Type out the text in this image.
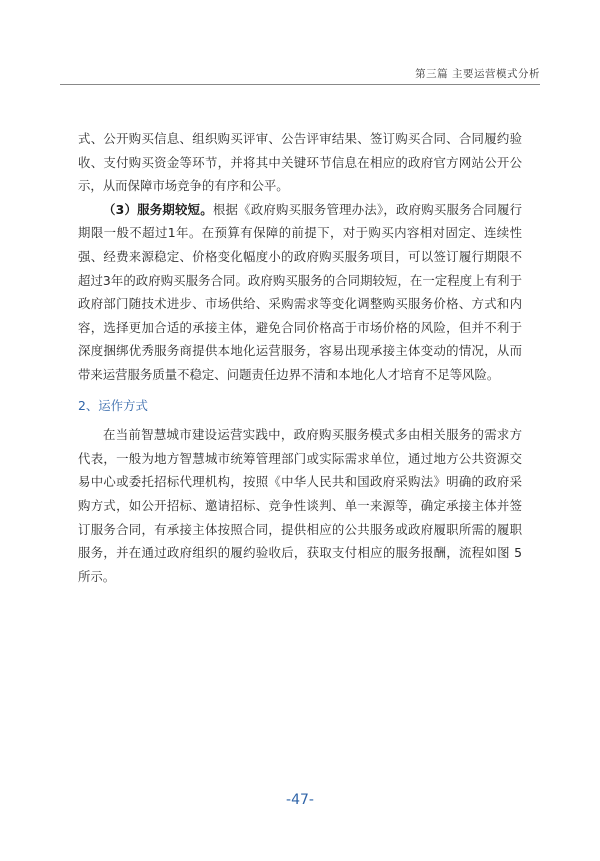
第三篇 主要运营模式分析

式、公开购买信息、组织购买评审、公告评审结果、签订购买合同、合同履约验收、支付购买资金等环节，并将其中关键环节信息在相应的政府官方网站公开公示，从而保障市场竞争的有序和公平。

（3）服务期较短。根据《政府购买服务管理办法》，政府购买服务合同履行期限一般不超过1年。在预算有保障的前提下，对于购买内容相对固定、连续性强、经费来源稳定、价格变化幅度小的政府购买服务项目，可以签订履行期限不超过3年的政府购买服务合同。政府购买服务的合同期较短，在一定程度上有利于政府部门随技术进步、市场供给、采购需求等变化调整购买服务价格、方式和内容，选择更加合适的承接主体，避免合同价格高于市场价格的风险，但并不利于深度捆绑优秀服务商提供本地化运营服务，容易出现承接主体变动的情况，从而带来运营服务质量不稳定、问题责任边界不清和本地化人才培育不足等风险。

2、运作方式

在当前智慧城市建设运营实践中，政府购买服务模式多由相关服务的需求方代表，一般为地方智慧城市统筹管理部门或实际需求单位，通过地方公共资源交易中心或委托招标代理机构，按照《中华人民共和国政府采购法》明确的政府采购方式，如公开招标、邀请招标、竞争性谈判、单一来源等，确定承接主体并签订服务合同，有承接主体按照合同，提供相应的公共服务或政府履职所需的履职服务，并在通过政府组织的履约验收后，获取支付相应的服务报酬，流程如图 5 所示。

-47-
